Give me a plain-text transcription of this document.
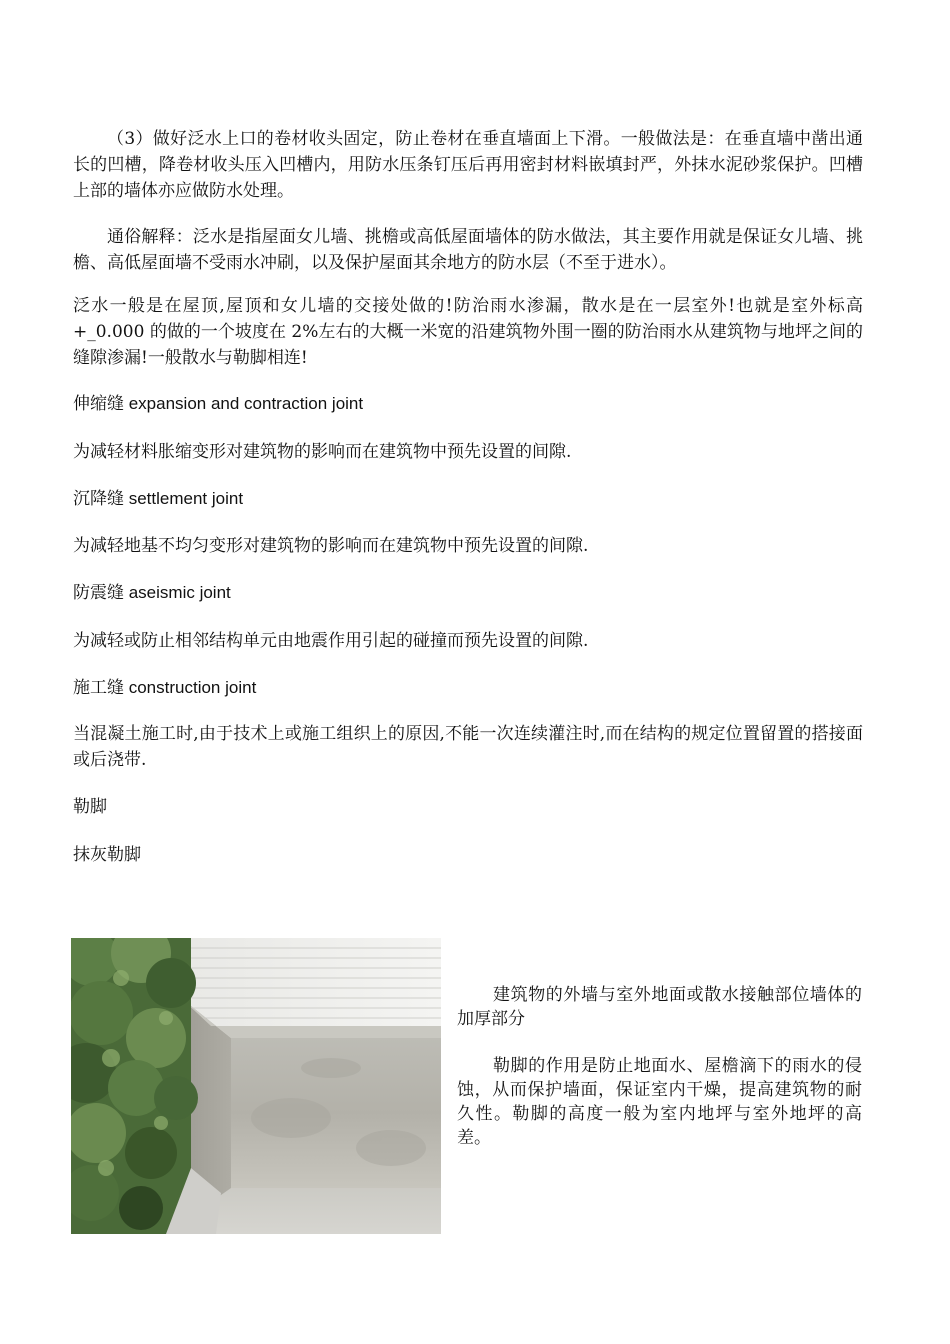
（3）做好泛水上口的卷材收头固定，防止卷材在垂直墙面上下滑。一般做法是：在垂直墙中凿出通长的凹槽，降卷材收头压入凹槽内，用防水压条钉压后再用密封材料嵌填封严，外抹水泥砂浆保护。凹槽上部的墙体亦应做防水处理。

通俗解释：泛水是指屋面女儿墙、挑檐或高低屋面墙体的防水做法，其主要作用就是保证女儿墙、挑檐、高低屋面墙不受雨水冲刷，以及保护屋面其余地方的防水层（不至于进水）。

泛水一般是在屋顶,屋顶和女儿墙的交接处做的!防治雨水渗漏，散水是在一层室外!也就是室外标高+_0.000 的做的一个坡度在 2%左右的大概一米宽的沿建筑物外围一圈的防治雨水从建筑物与地坪之间的缝隙渗漏!一般散水与勒脚相连!

伸缩缝 expansion and contraction joint

为减轻材料胀缩变形对建筑物的影响而在建筑物中预先设置的间隙.

沉降缝 settlement joint

为减轻地基不均匀变形对建筑物的影响而在建筑物中预先设置的间隙.

防震缝 aseismic joint

为减轻或防止相邻结构单元由地震作用引起的碰撞而预先设置的间隙.

施工缝 construction joint

当混凝土施工时,由于技术上或施工组织上的原因,不能一次连续灌注时,而在结构的规定位置留置的搭接面或后浇带.

勒脚

抹灰勒脚

建筑物的外墙与室外地面或散水接触部位墙体的加厚部分

勒脚的作用是防止地面水、屋檐滴下的雨水的侵蚀，从而保护墙面，保证室内干燥，提高建筑物的耐久性。勒脚的高度一般为室内地坪与室外地坪的高差。
